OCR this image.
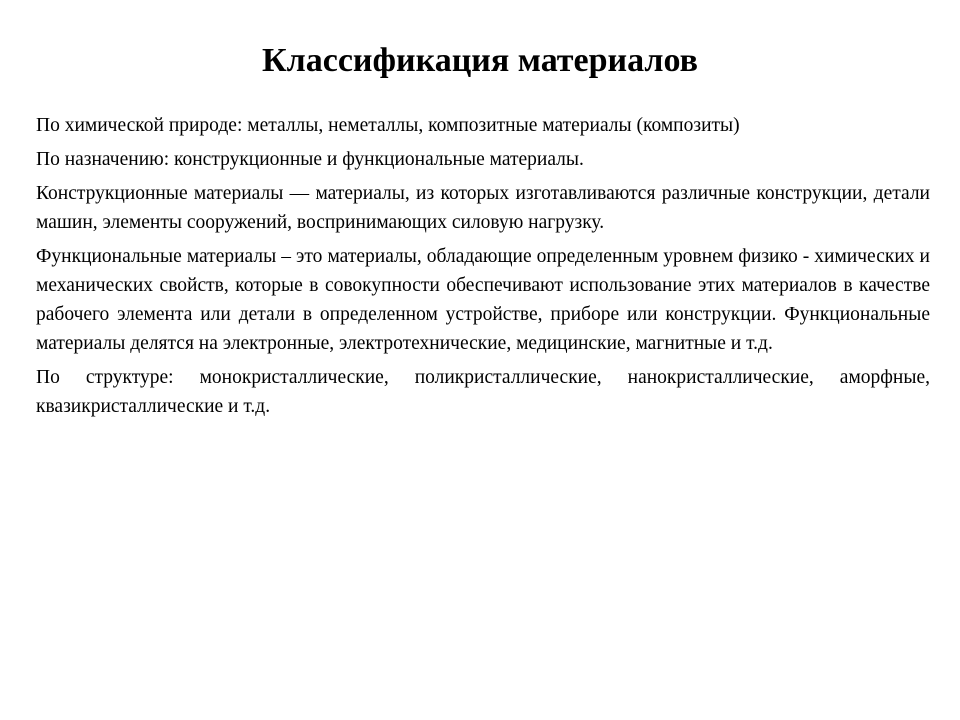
Классификация материалов

По химической природе: металлы, неметаллы, композитные материалы (композиты)

По назначению: конструкционные и функциональные материалы.

Конструкционные материалы — материалы, из которых изготавливаются различные конструкции, детали машин, элементы сооружений, воспринимающих силовую нагрузку.

Функциональные материалы – это материалы, обладающие определенным уровнем физико - химических и механических свойств, которые в совокупности обеспечивают использование этих материалов в качестве рабочего элемента или детали в определенном устройстве, приборе или конструкции. Функциональные материалы делятся на электронные, электротехнические, медицинские, магнитные и т.д.

По структуре: монокристаллические, поликристаллические, нанокристаллические, аморфные, квазикристаллические и т.д.
